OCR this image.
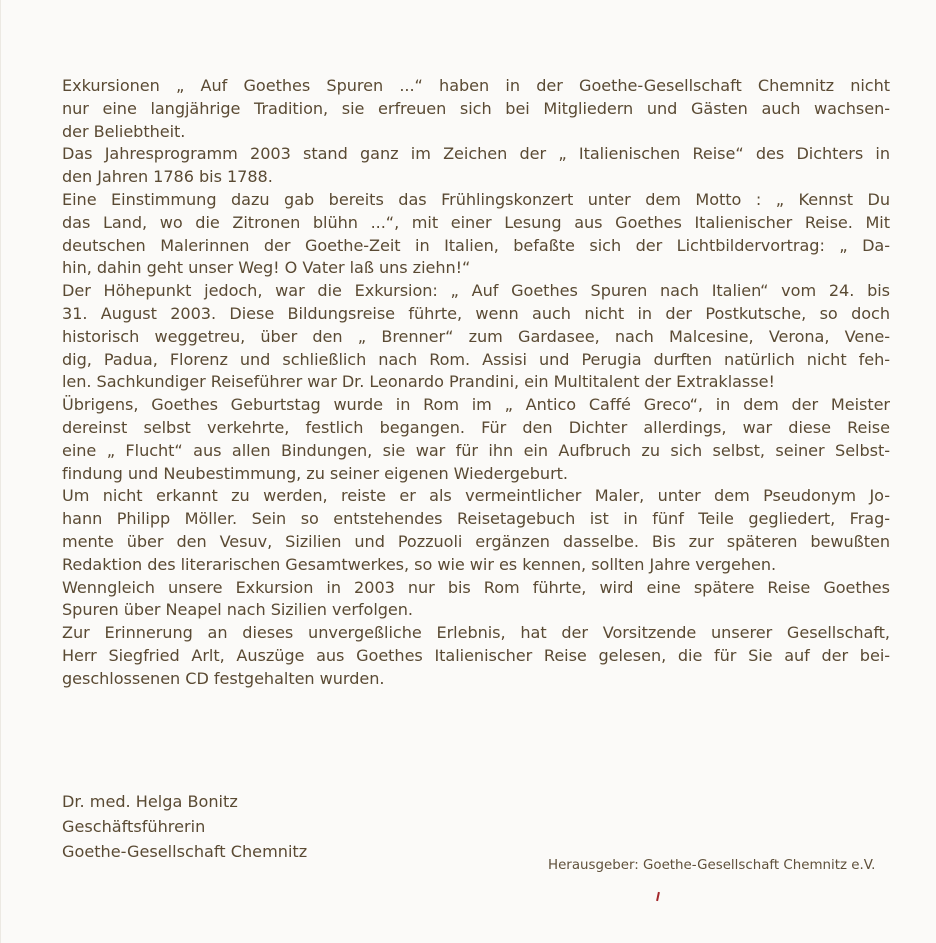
Exkursionen „ Auf Goethes Spuren ...“ haben in der Goethe-Gesellschaft Chemnitz nicht
nur eine langjährige Tradition, sie erfreuen sich bei Mitgliedern und Gästen auch wachsen-
der Beliebtheit.
Das Jahresprogramm 2003 stand ganz im Zeichen der „ Italienischen Reise“ des Dichters in
den Jahren 1786 bis 1788.
Eine Einstimmung dazu gab bereits das Frühlingskonzert unter dem Motto : „ Kennst Du
das Land, wo die Zitronen blühn ...“, mit einer Lesung aus Goethes Italienischer Reise. Mit
deutschen Malerinnen der Goethe-Zeit in Italien, befaßte sich der Lichtbildervortrag: „ Da-
hin, dahin geht unser Weg! O Vater laß uns ziehn!“
Der Höhepunkt jedoch, war die Exkursion: „ Auf Goethes Spuren nach Italien“ vom 24. bis
31. August 2003. Diese Bildungsreise führte, wenn auch nicht in der Postkutsche, so doch
historisch weggetreu, über den „ Brenner“ zum Gardasee, nach Malcesine, Verona, Vene-
dig, Padua, Florenz und schließlich nach Rom. Assisi und Perugia durften natürlich nicht feh-
len. Sachkundiger Reiseführer war Dr. Leonardo Prandini, ein Multitalent der Extraklasse!
Übrigens, Goethes Geburtstag wurde in Rom im „ Antico Caffé Greco“, in dem der Meister
dereinst selbst verkehrte, festlich begangen. Für den Dichter allerdings, war diese Reise
eine „ Flucht“ aus allen Bindungen, sie war für ihn ein Aufbruch zu sich selbst, seiner Selbst-
findung und Neubestimmung, zu seiner eigenen Wiedergeburt.
Um nicht erkannt zu werden, reiste er als vermeintlicher Maler, unter dem Pseudonym Jo-
hann Philipp Möller. Sein so entstehendes Reisetagebuch ist in fünf Teile gegliedert, Frag-
mente über den Vesuv, Sizilien und Pozzuoli ergänzen dasselbe. Bis zur späteren bewußten
Redaktion des literarischen Gesamtwerkes, so wie wir es kennen, sollten Jahre vergehen.
Wenngleich unsere Exkursion in 2003 nur bis Rom führte, wird eine spätere Reise Goethes
Spuren über Neapel nach Sizilien verfolgen.
Zur Erinnerung an dieses unvergeßliche Erlebnis, hat der Vorsitzende unserer Gesellschaft,
Herr Siegfried Arlt, Auszüge aus Goethes Italienischer Reise gelesen, die für Sie auf der bei-
geschlossenen CD festgehalten wurden.
Dr. med. Helga Bonitz
Geschäftsführerin
Goethe-Gesellschaft Chemnitz
Herausgeber: Goethe-Gesellschaft Chemnitz e.V.
